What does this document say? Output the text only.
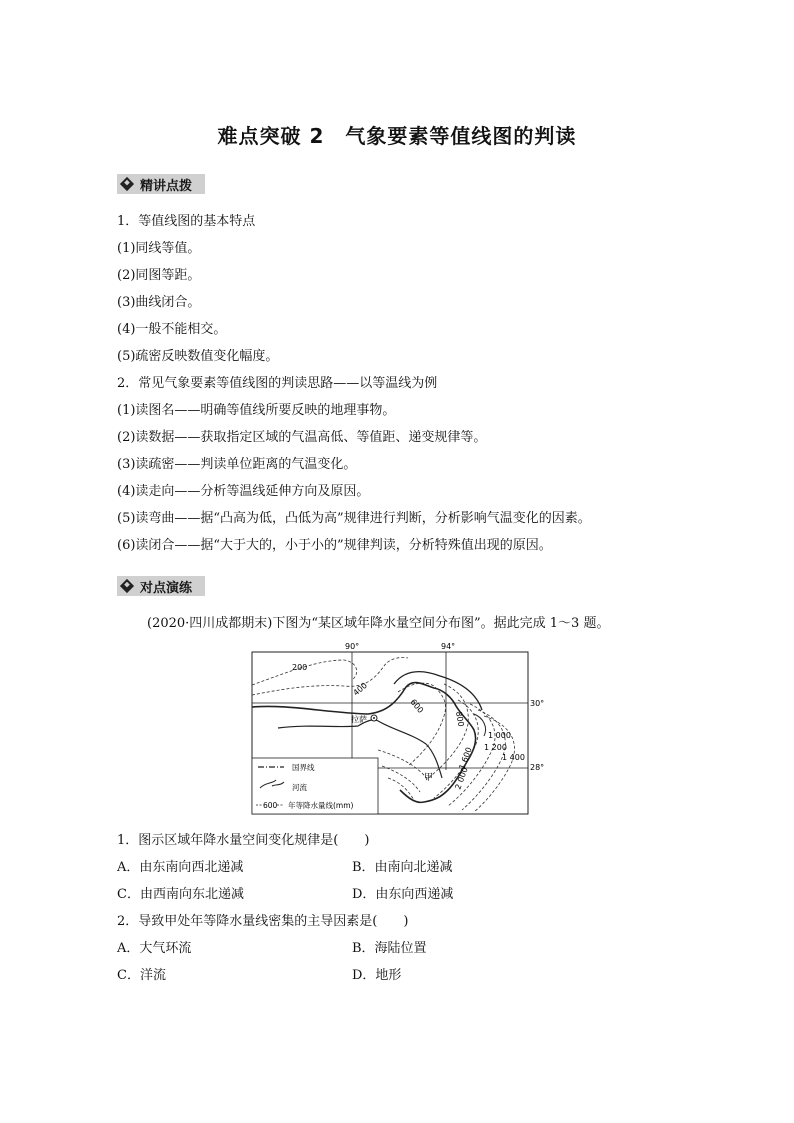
难点突破 2　气象要素等值线图的判读
精讲点拨
1．等值线图的基本特点
(1)同线等值。
(2)同图等距。
(3)曲线闭合。
(4)一般不能相交。
(5)疏密反映数值变化幅度。
2．常见气象要素等值线图的判读思路——以等温线为例
(1)读图名——明确等值线所要反映的地理事物。
(2)读数据——获取指定区域的气温高低、等值距、递变规律等。
(3)读疏密——判读单位距离的气温变化。
(4)读走向——分析等温线延伸方向及原因。
(5)读弯曲——据“凸高为低，凸低为高”规律进行判断，分析影响气温变化的因素。
(6)读闭合——据“大于大的，小于小的”规律判读，分析特殊值出现的原因。
对点演练
(2020·四川成都期末)下图为“某区域年降水量空间分布图”。据此完成 1～3 题。
90°	94°
30°
28°
200
400
600
800
1 000
1 200
1 400
1 600
2 000
拉萨
甲
国界线
河流
600 年等降水量线(mm)
1．图示区域年降水量空间变化规律是(　　)
A．由东南向西北递减	B．由南向北递减
C．由西南向东北递减	D．由东向西递减
2．导致甲处年等降水量线密集的主导因素是(　　)
A．大气环流	B．海陆位置
C．洋流	D．地形
